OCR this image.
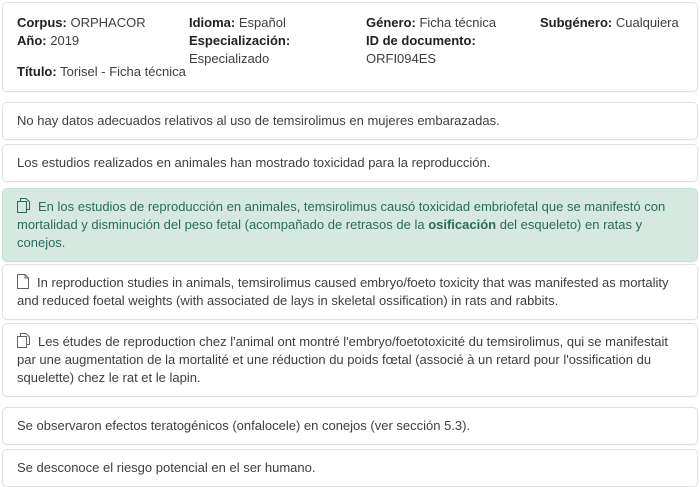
Corpus: ORPHACOR
Año: 2019
Título: Torisel - Ficha técnica
Idioma: Español
Especialización:
Especializado
Género: Ficha técnica
ID de documento:
ORFI094ES
Subgénero: Cualquiera

No hay datos adecuados relativos al uso de temsirolimus en mujeres embarazadas.

Los estudios realizados en animales han mostrado toxicidad para la reproducción.

En los estudios de reproducción en animales, temsirolimus causó toxicidad embriofetal que se manifestó con mortalidad y disminución del peso fetal (acompañado de retrasos de la osificación del esqueleto) en ratas y conejos.

In reproduction studies in animals, temsirolimus caused embryo/foeto toxicity that was manifested as mortality and reduced foetal weights (with associated de lays in skeletal ossification) in rats and rabbits.

Les études de reproduction chez l'animal ont montré l'embryo/foetotoxicité du temsirolimus, qui se manifestait par une augmentation de la mortalité et une réduction du poids fœtal (associé à un retard pour l'ossification du squelette) chez le rat et le lapin.

Se observaron efectos teratogénicos (onfalocele) en conejos (ver sección 5.3).

Se desconoce el riesgo potencial en el ser humano.
